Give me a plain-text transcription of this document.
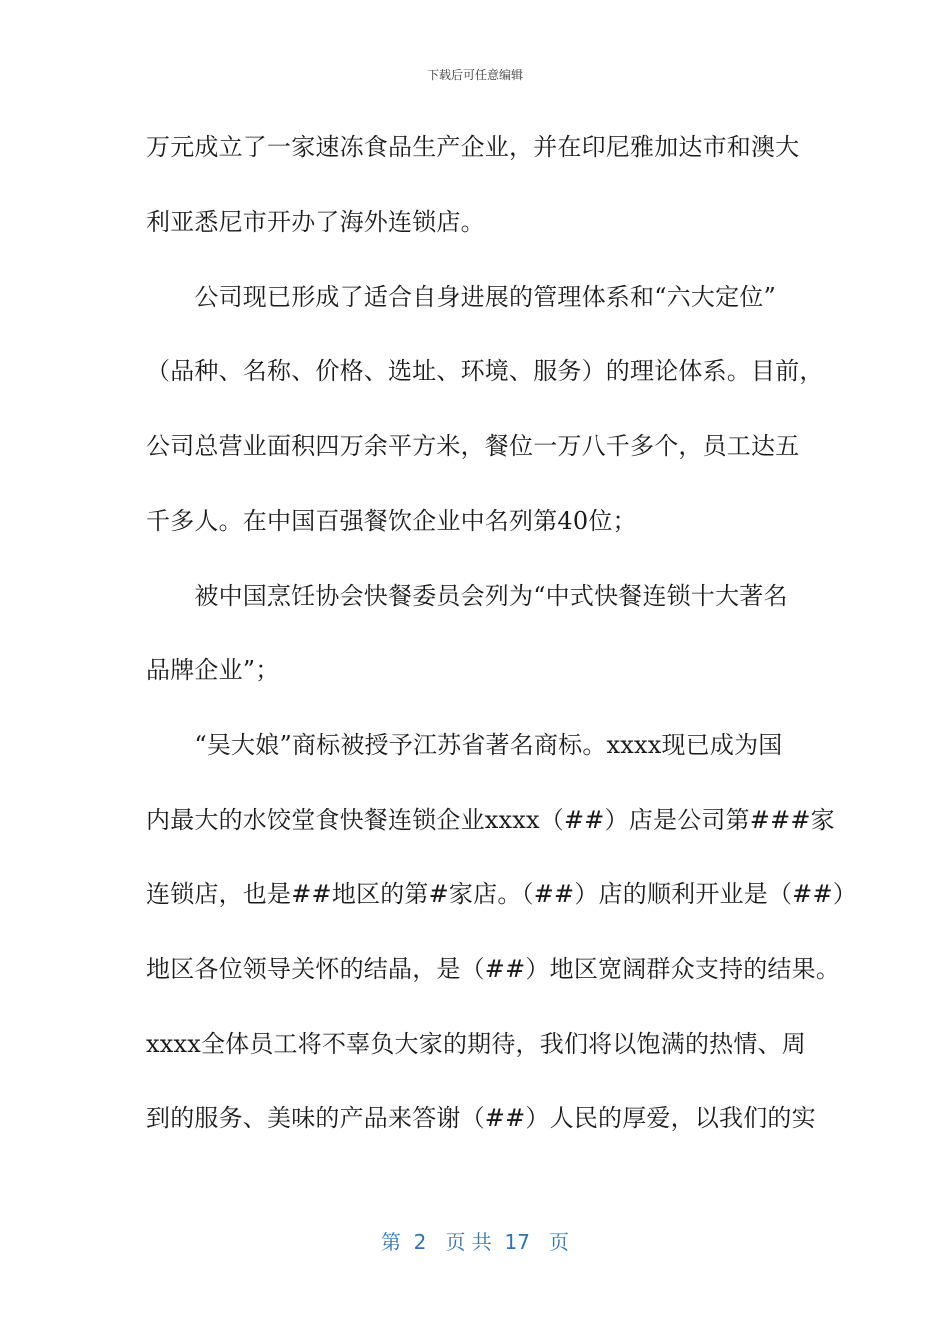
下载后可任意编辑
万元成立了一家速冻食品生产企业，并在印尼雅加达市和澳大
利亚悉尼市开办了海外连锁店。
　　公司现已形成了适合自身进展的管理体系和“六大定位”
（品种、名称、价格、选址、环境、服务）的理论体系。目前，
公司总营业面积四万余平方米，餐位一万八千多个，员工达五
千多人。在中国百强餐饮企业中名列第40位；
　　被中国烹饪协会快餐委员会列为“中式快餐连锁十大著名
品牌企业”；
　　“吴大娘”商标被授予江苏省著名商标。xxxx现已成为国
内最大的水饺堂食快餐连锁企业xxxx（##）店是公司第###家
连锁店，也是##地区的第#家店。（##）店的顺利开业是（##）
地区各位领导关怀的结晶，是（##）地区宽阔群众支持的结果。
xxxx全体员工将不辜负大家的期待，我们将以饱满的热情、周
到的服务、美味的产品来答谢（##）人民的厚爱，以我们的实
第  2   页 共  17   页
